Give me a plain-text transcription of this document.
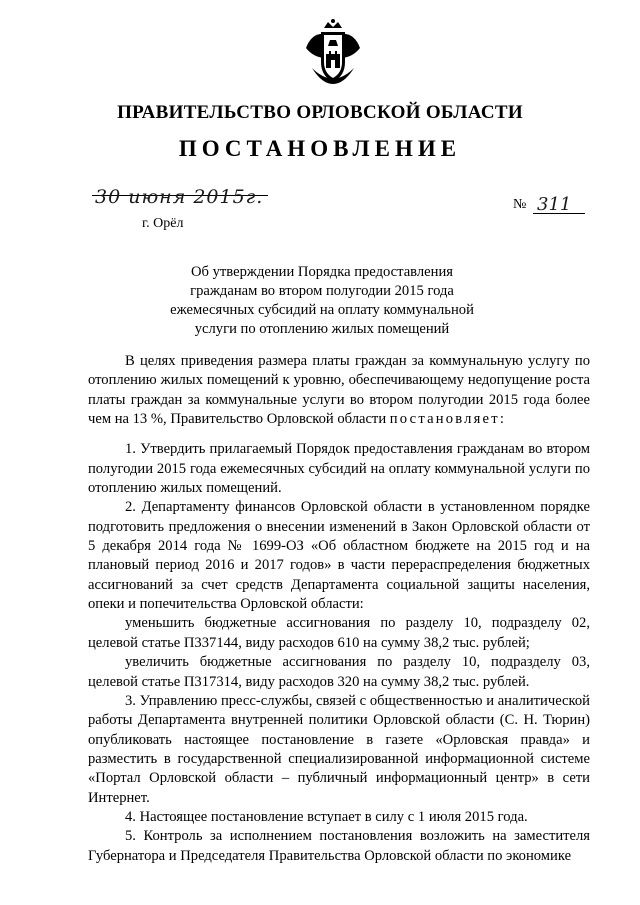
ПРАВИТЕЛЬСТВО ОРЛОВСКОЙ ОБЛАСТИ
ПОСТАНОВЛЕНИЕ
30 июня 2015г.	№ 311
г. Орёл
Об утверждении Порядка предоставления гражданам во втором полугодии 2015 года ежемесячных субсидий на оплату коммунальной услуги по отоплению жилых помещений

В целях приведения размера платы граждан за коммунальную услугу по отоплению жилых помещений к уровню, обеспечивающему недопущение роста платы граждан за коммунальные услуги во втором полугодии 2015 года более чем на 13 %, Правительство Орловской области постановляет:

1. Утвердить прилагаемый Порядок предоставления гражданам во втором полугодии 2015 года ежемесячных субсидий на оплату коммунальной услуги по отоплению жилых помещений.

2. Департаменту финансов Орловской области в установленном порядке подготовить предложения о внесении изменений в Закон Орловской области от 5 декабря 2014 года № 1699-ОЗ «Об областном бюджете на 2015 год и на плановый период 2016 и 2017 годов» в части перераспределения бюджетных ассигнований за счет средств Департамента социальной защиты населения, опеки и попечительства Орловской области:

уменьшить бюджетные ассигнования по разделу 10, подразделу 02, целевой статье П337144, виду расходов 610 на сумму 38,2 тыс. рублей;

увеличить бюджетные ассигнования по разделу 10, подразделу 03, целевой статье П317314, виду расходов 320 на сумму 38,2 тыс. рублей.

3. Управлению пресс-службы, связей с общественностью и аналитической работы Департамента внутренней политики Орловской области (С. Н. Тюрин) опубликовать настоящее постановление в газете «Орловская правда» и разместить в государственной специализированной информационной системе «Портал Орловской области – публичный информационный центр» в сети Интернет.

4. Настоящее постановление вступает в силу с 1 июля 2015 года.

5. Контроль за исполнением постановления возложить на заместителя Губернатора и Председателя Правительства Орловской области по экономике
